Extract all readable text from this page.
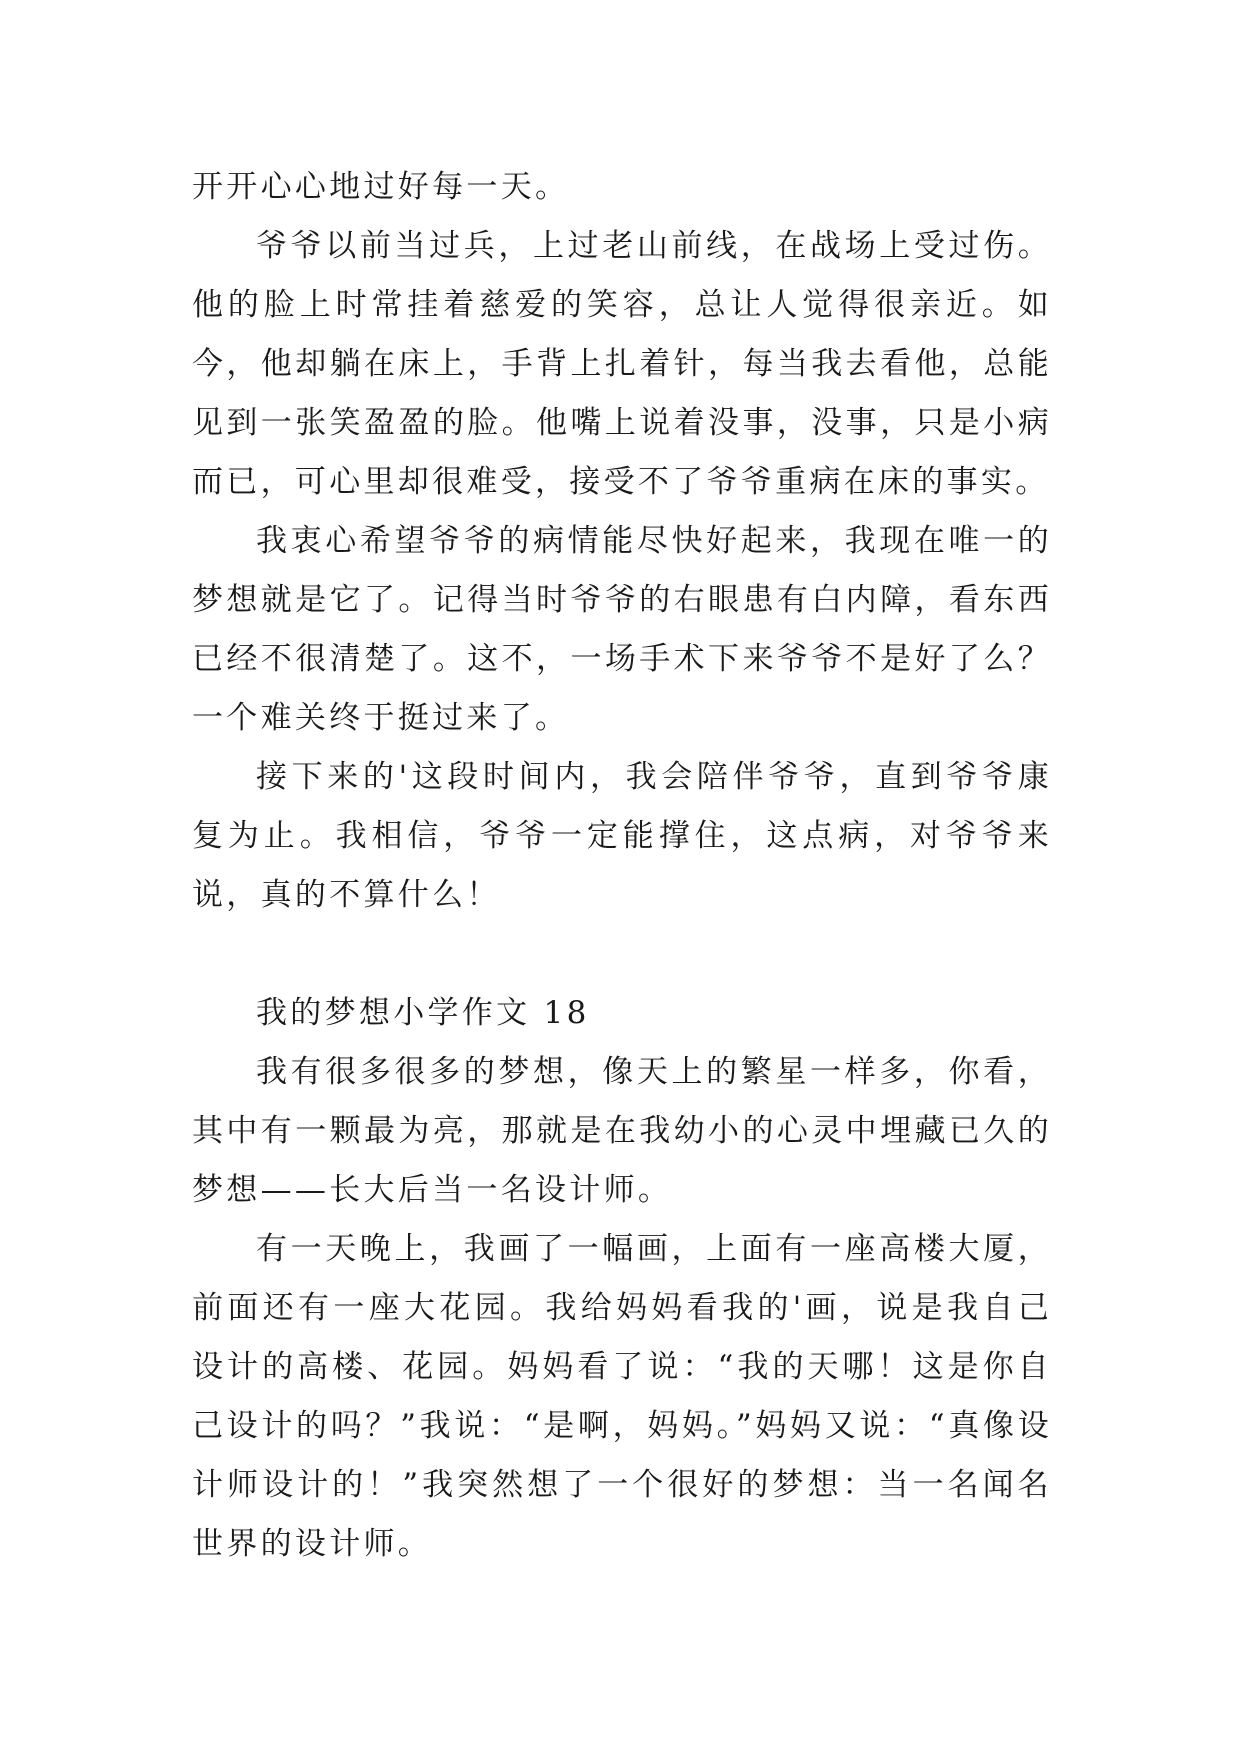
开开心心地过好每一天。

爷爷以前当过兵，上过老山前线，在战场上受过伤。他的脸上时常挂着慈爱的笑容，总让人觉得很亲近。如今，他却躺在床上，手背上扎着针，每当我去看他，总能见到一张笑盈盈的脸。他嘴上说着没事，没事，只是小病而已，可心里却很难受，接受不了爷爷重病在床的事实。

我衷心希望爷爷的病情能尽快好起来，我现在唯一的梦想就是它了。记得当时爷爷的右眼患有白内障，看东西已经不很清楚了。这不，一场手术下来爷爷不是好了么？一个难关终于挺过来了。

接下来的'这段时间内，我会陪伴爷爷，直到爷爷康复为止。我相信，爷爷一定能撑住，这点病，对爷爷来说，真的不算什么！

我的梦想小学作文 18

我有很多很多的梦想，像天上的繁星一样多，你看，其中有一颗最为亮，那就是在我幼小的心灵中埋藏已久的梦想——长大后当一名设计师。

有一天晚上，我画了一幅画，上面有一座高楼大厦，前面还有一座大花园。我给妈妈看我的'画，说是我自己设计的高楼、花园。妈妈看了说：“我的天哪！这是你自己设计的吗？”我说：“是啊，妈妈。”妈妈又说：“真像设计师设计的！”我突然想了一个很好的梦想：当一名闻名世界的设计师。
